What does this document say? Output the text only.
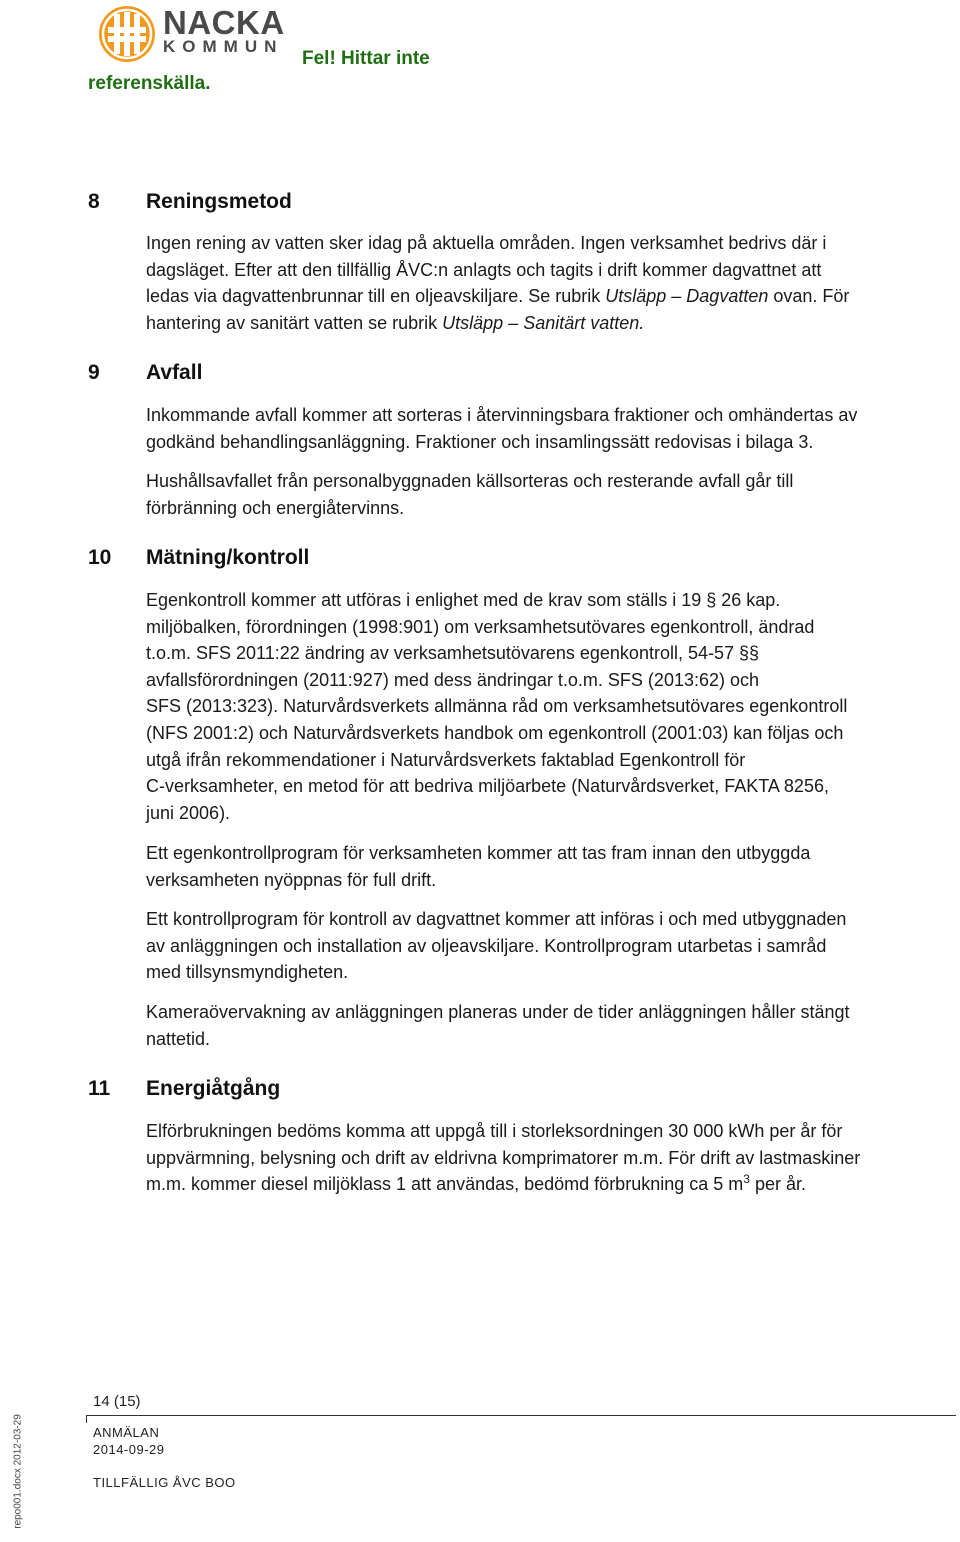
NACKA
KOMMUN
Fel! Hittar inte
referenskälla.
8 Reningsmetod
Ingen rening av vatten sker idag på aktuella områden. Ingen verksamhet bedrivs där i
dagsläget. Efter att den tillfällig ÅVC:n anlagts och tagits i drift kommer dagvattnet att
ledas via dagvattenbrunnar till en oljeavskiljare. Se rubrik Utsläpp – Dagvatten ovan. För
hantering av sanitärt vatten se rubrik Utsläpp – Sanitärt vatten.
9 Avfall
Inkommande avfall kommer att sorteras i återvinningsbara fraktioner och omhändertas av
godkänd behandlingsanläggning. Fraktioner och insamlingssätt redovisas i bilaga 3.
Hushållsavfallet från personalbyggnaden källsorteras och resterande avfall går till
förbränning och energiåtervinns.
10 Mätning/kontroll
Egenkontroll kommer att utföras i enlighet med de krav som ställs i 19 § 26 kap.
miljöbalken, förordningen (1998:901) om verksamhetsutövares egenkontroll, ändrad
t.o.m. SFS 2011:22 ändring av verksamhetsutövarens egenkontroll, 54-57 §§
avfallsförordningen (2011:927) med dess ändringar t.o.m. SFS (2013:62) och
SFS (2013:323). Naturvårdsverkets allmänna råd om verksamhetsutövares egenkontroll
(NFS 2001:2) och Naturvårdsverkets handbok om egenkontroll (2001:03) kan följas och
utgå ifrån rekommendationer i Naturvårdsverkets faktablad Egenkontroll för
C-verksamheter, en metod för att bedriva miljöarbete (Naturvårdsverket, FAKTA 8256,
juni 2006).
Ett egenkontrollprogram för verksamheten kommer att tas fram innan den utbyggda
verksamheten nyöppnas för full drift.
Ett kontrollprogram för kontroll av dagvattnet kommer att införas i och med utbyggnaden
av anläggningen och installation av oljeavskiljare. Kontrollprogram utarbetas i samråd
med tillsynsmyndigheten.
Kameraövervakning av anläggningen planeras under de tider anläggningen håller stängt
nattetid.
11 Energiåtgång
Elförbrukningen bedöms komma att uppgå till i storleksordningen 30 000 kWh per år för
uppvärmning, belysning och drift av eldrivna komprimatorer m.m. För drift av lastmaskiner
m.m. kommer diesel miljöklass 1 att användas, bedömd förbrukning ca 5 $m^3$ per år.
14 (15)
ANMÄLAN
2014-09-29
TILLFÄLLIG ÅVC BOO
repo001.docx 2012-03-29
